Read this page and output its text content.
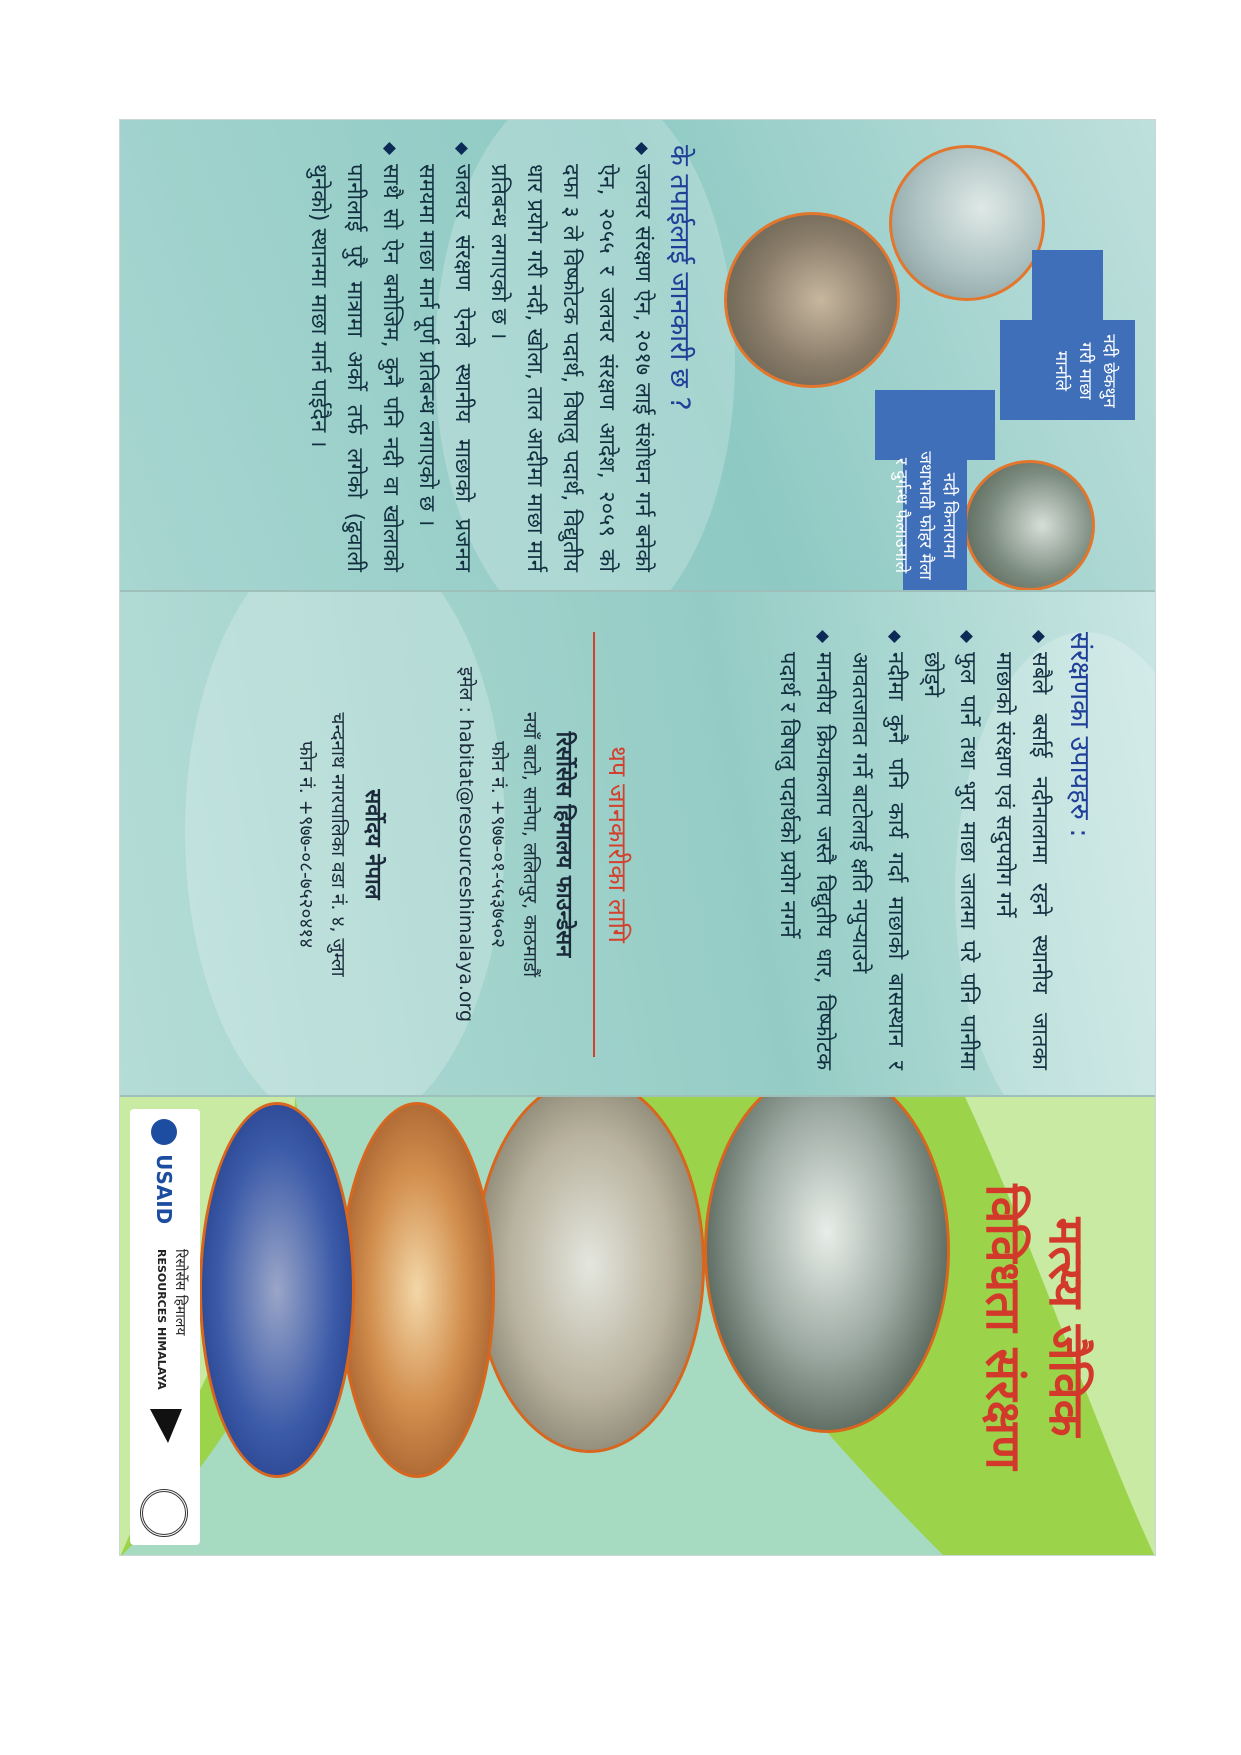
नदी छेकथुन गरी माछा मार्नाले
नदी किनारामा जथाभावी फोहर मैला र दुर्गन्ध फैलाउनाले
के तपाईलाई जानकारी छ ?
◆ जलचर संरक्षण ऐन, २०१७ लाई संशोधन गर्न बनेको ऐन, २०५५ र जलचर संरक्षण आदेश, २०५९ को दफा ३ ले विष्फोटक पदार्थ, विषालु पदार्थ, विद्युतीय धार प्रयोग गरी नदी, खोला, ताल आदीमा माछा मार्न प्रतिबन्ध लगाएको छ ।
◆ जलचर संरक्षण ऐनले स्थानीय माछाको प्रजनन समयमा माछा मार्न पूर्ण प्रतिबन्ध लगाएको छ ।
◆ साथै सो ऐन बमोजिम, कुनै पनि नदी वा खोलाको पानीलाई पुरै मात्रामा अर्को तर्फ लगेको (ढुवाली थुनेको) स्थानमा माछा मार्न पाईदैन ।
संरक्षणका उपायहरु :
◆ सबैले बर्साई नदीनालामा रहने स्थानीय जातका माछाको संरक्षण एवं सदुपयोग गर्ने
◆ फुल पार्ने तथा भुरा माछा जालमा परे पनि पानीमा छोड्ने
◆ नदीमा कुनै पनि कार्य गर्दा माछाको बासस्थान र आवतजावत गर्ने बाटोलाई क्षति नपुऱ्याउने
◆ मानवीय क्रियाकलाप जस्तै विद्युतीय धार, विष्फोटक पदार्थ र विषालु पदार्थको प्रयोग नगर्ने
थप जानकारीका लागि
रिर्सोसेस हिमालय फाउन्डेसन
नयाँ बाटो, सानेपा, ललितपुर, काठमाडौं
फोन नं. +९७७-०१-५५३७५०२
इमेल : habitat@resourceshimalaya.org
सर्वोदय नेपाल
चन्दनाथ नगरपालिका वडा नं. ४, जुम्ला
फोन नं. +९७७-०८-७५२०४१४
मत्स्य जैविक
विविधता संरक्षण
USAID
रिसोर्सेस हिमालय
RESOURCES HIMALAYA
